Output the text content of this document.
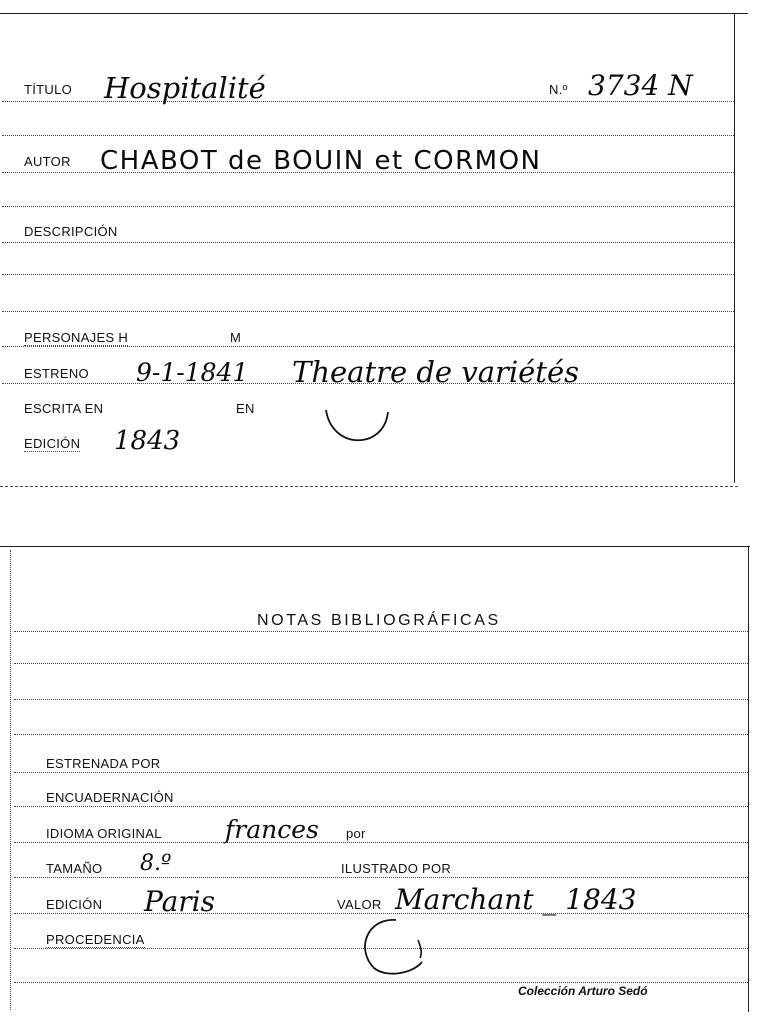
TÍTULO Hospitalité	N.º 3734 N
AUTOR CHABOT de BOUIN et CORMON
DESCRIPCIÓN
PERSONAJES H	M
ESTRENO 9-1-1841 Theatre de variétés
ESCRITA EN	EN
EDICIÓN 1843
NOTAS BIBLIOGRÁFICAS
ESTRENADA POR
ENCUADERNACIÓN
IDIOMA ORIGINAL	frances por
TAMAÑO 8.º	ILUSTRADO POR
EDICIÓN Paris	VALOR Marchant _ 1843
PROCEDENCIA
Colección Arturo Sedó
